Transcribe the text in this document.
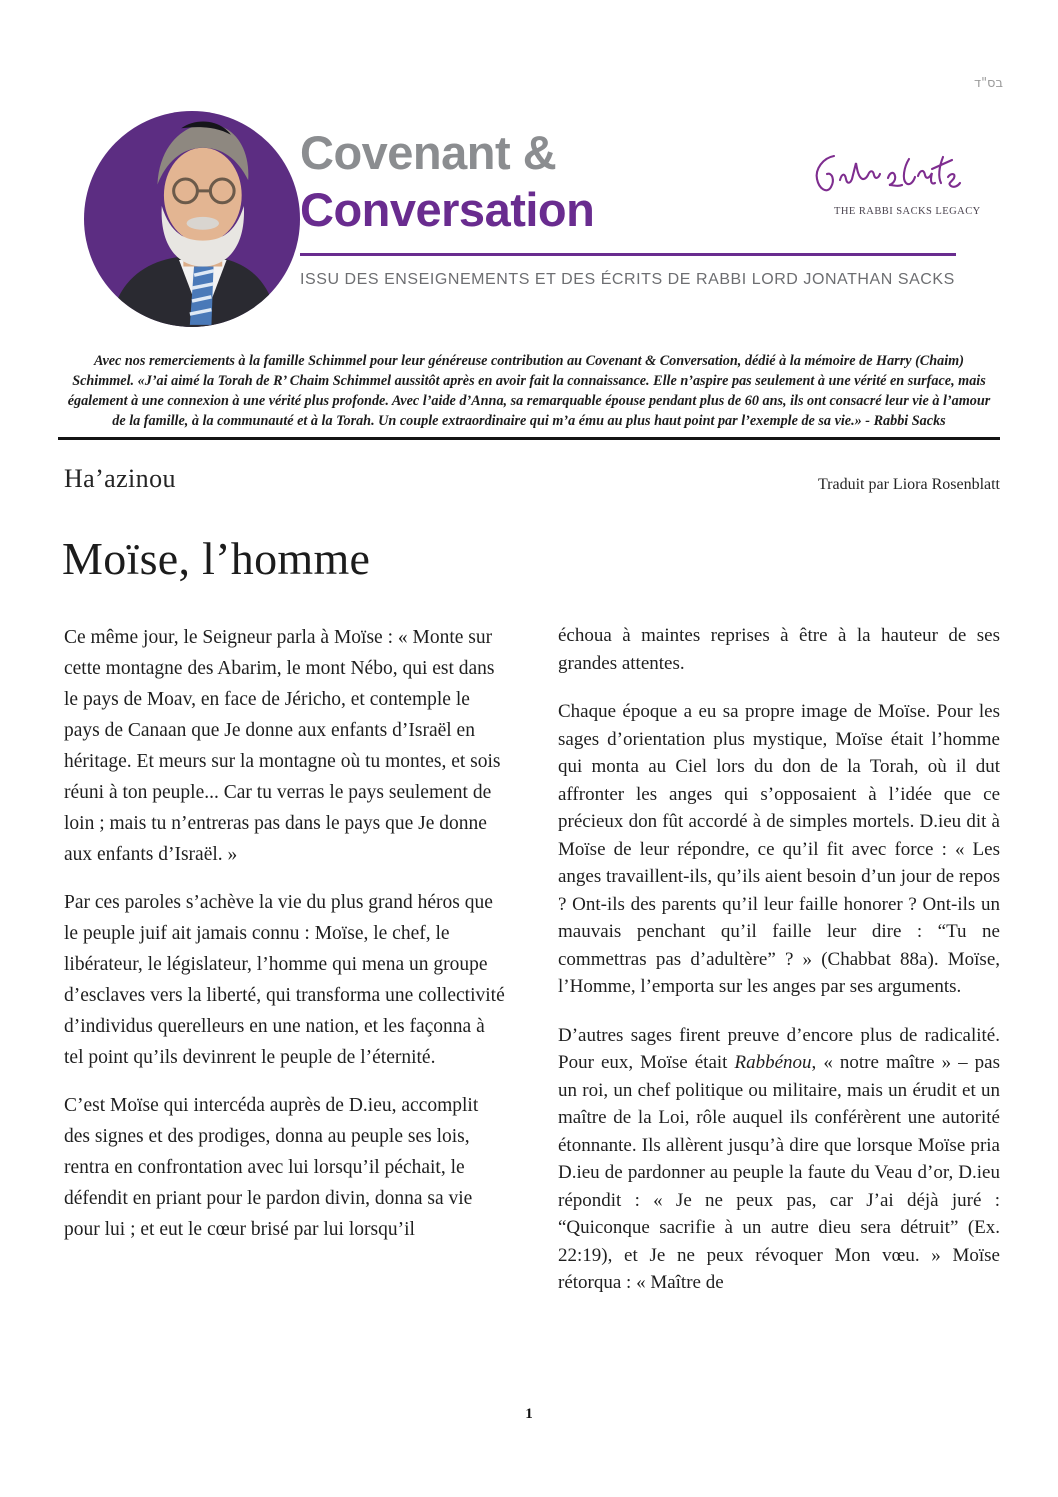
בס"ד
Covenant &
Conversation
ISSU DES ENSEIGNEMENTS ET DES ÉCRITS DE RABBI LORD JONATHAN SACKS
THE RABBI SACKS LEGACY
Avec nos remerciements à la famille Schimmel pour leur généreuse contribution au Covenant & Conversation, dédié à la mémoire de Harry (Chaim) Schimmel. «J’ai aimé la Torah de R’ Chaim Schimmel aussitôt après en avoir fait la connaissance. Elle n’aspire pas seulement à une vérité en surface, mais également à une connexion à une vérité plus profonde. Avec l’aide d’Anna, sa remarquable épouse pendant plus de 60 ans, ils ont consacré leur vie à l’amour de la famille, à la communauté et à la Torah. Un couple extraordinaire qui m’a ému au plus haut point par l’exemple de sa vie.» - Rabbi Sacks
Ha’azinou	Traduit par Liora Rosenblatt
Moïse, l’homme

Ce même jour, le Seigneur parla à Moïse : « Monte sur cette montagne des Abarim, le mont Nébo, qui est dans le pays de Moav, en face de Jéricho, et contemple le pays de Canaan que Je donne aux enfants d’Israël en héritage. Et meurs sur la montagne où tu montes, et sois réuni à ton peuple... Car tu verras le pays seulement de loin ; mais tu n’entreras pas dans le pays que Je donne aux enfants d’Israël. »

Par ces paroles s’achève la vie du plus grand héros que le peuple juif ait jamais connu : Moïse, le chef, le libérateur, le législateur, l’homme qui mena un groupe d’esclaves vers la liberté, qui transforma une collectivité d’individus querelleurs en une nation, et les façonna à tel point qu’ils devinrent le peuple de l’éternité.

C’est Moïse qui intercéda auprès de D.ieu, accomplit des signes et des prodiges, donna au peuple ses lois, rentra en confrontation avec lui lorsqu’il péchait, le défendit en priant pour le pardon divin, donna sa vie pour lui ; et eut le cœur brisé par lui lorsqu’il

échoua à maintes reprises à être à la hauteur de ses grandes attentes.

Chaque époque a eu sa propre image de Moïse. Pour les sages d’orientation plus mystique, Moïse était l’homme qui monta au Ciel lors du don de la Torah, où il dut affronter les anges qui s’opposaient à l’idée que ce précieux don fût accordé à de simples mortels. D.ieu dit à Moïse de leur répondre, ce qu’il fit avec force : « Les anges travaillent-ils, qu’ils aient besoin d’un jour de repos ? Ont-ils des parents qu’il leur faille honorer ? Ont-ils un mauvais penchant qu’il faille leur dire : “Tu ne commettras pas d’adultère” ? » (Chabbat 88a). Moïse, l’Homme, l’emporta sur les anges par ses arguments.

D’autres sages firent preuve d’encore plus de radicalité. Pour eux, Moïse était Rabbénou, « notre maître » – pas un roi, un chef politique ou militaire, mais un érudit et un maître de la Loi, rôle auquel ils conférèrent une autorité étonnante. Ils allèrent jusqu’à dire que lorsque Moïse pria D.ieu de pardonner au peuple la faute du Veau d’or, D.ieu répondit : « Je ne peux pas, car J’ai déjà juré : “Quiconque sacrifie à un autre dieu sera détruit” (Ex. 22:19), et Je ne peux révoquer Mon vœu. » Moïse rétorqua : « Maître de

1
